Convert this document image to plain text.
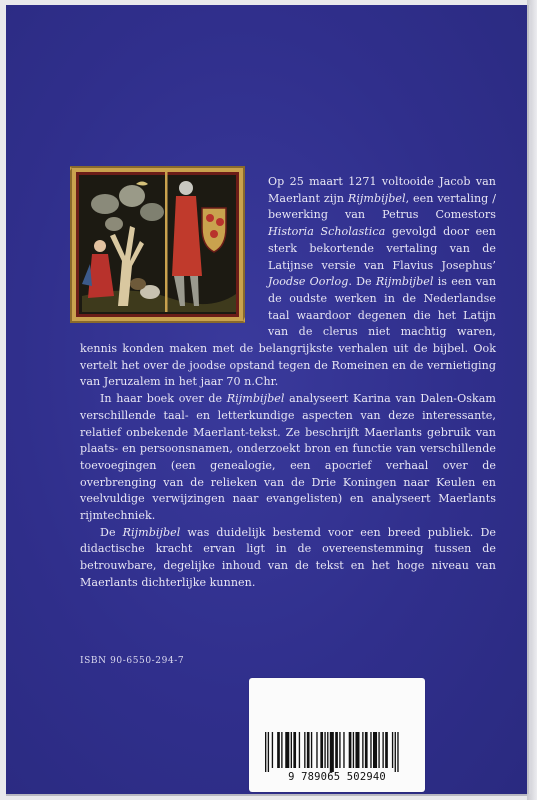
Op 25 maart 1271 voltooide Jacob van Maerlant zijn Rijmbijbel, een vertaling / bewerking van Petrus Comestors Historia Scholastica gevolgd door een sterk bekortende vertaling van de Latijnse versie van Flavius Josephus’ Joodse Oorlog. De Rijmbijbel is een van de oudste werken in de Nederlandse taal waardoor degenen die het Latijn van de clerus niet machtig waren, kennis konden maken met de belangrijkste verhalen uit de bijbel. Ook vertelt het over de joodse opstand tegen de Romeinen en de vernietiging van Jeruzalem in het jaar 70 n.Chr.

In haar boek over de Rijmbijbel analyseert Karina van Dalen-Oskam verschillende taal- en letterkundige aspecten van deze interessante, relatief onbekende Maerlant-tekst. Ze beschrijft Maerlants gebruik van plaats- en persoonsnamen, onderzoekt bron en functie van verschillende toevoegingen (een genealogie, een apocrief verhaal over de overbrenging van de relieken van de Drie Koningen naar Keulen en veelvuldige verwijzingen naar evangelisten) en analyseert Maerlants rijmtechniek.

De Rijmbijbel was duidelijk bestemd voor een breed publiek. De didactische kracht ervan ligt in de overeenstemming tussen de betrouwbare, degelijke inhoud van de tekst en het hoge niveau van Maerlants dichterlijke kunnen.

ISBN 90-6550-294-7
9 789065 502940
